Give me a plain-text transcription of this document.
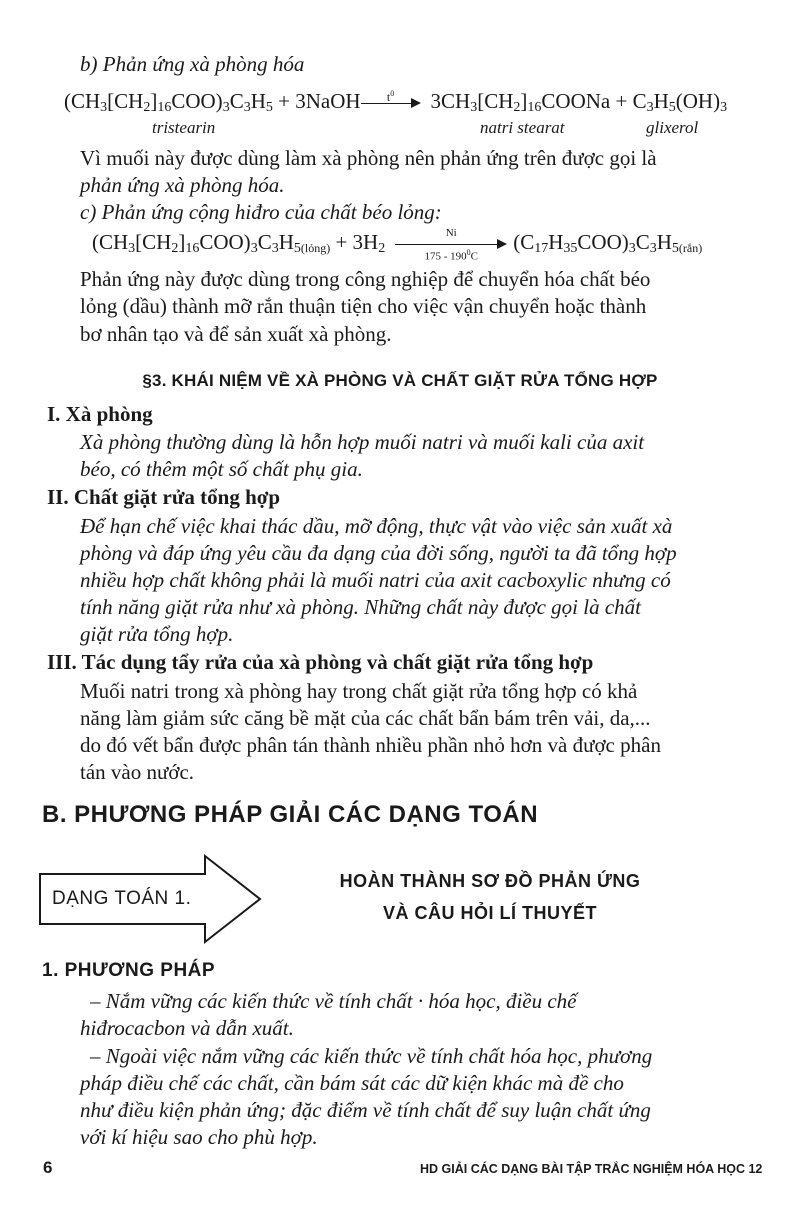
b) Phản ứng xà phòng hóa
$(CH_3[CH_2]_{16}COO)_3C_3H_5$ + 3NaOH	$t^0$	$3CH_3[CH_2]_{16}COONa + C_3H_5(OH)_3$
tristearin	natri stearat	glixerol
Vì muối này được dùng làm xà phòng nên phản ứng trên được gọi là
phản ứng xà phòng hóa.
c) Phản ứng cộng hiđro của chất béo lỏng:
$(CH_3[CH_2]_{16}COO)_3C_3H_5(lỏng) + 3H_2 \frac{Ni}{175 - 190^0C}$ $(C_{17}H_{35}COO)_3C_3H_5(rắn)$
Phản ứng này được dùng trong công nghiệp để chuyển hóa chất béo
lỏng (dầu) thành mỡ rắn thuận tiện cho việc vận chuyển hoặc thành
bơ nhân tạo và để sản xuất xà phòng.
§3. KHÁI NIỆM VỀ XÀ PHÒNG VÀ CHẤT GIẶT RỬA TỔNG HỢP
I. Xà phòng
Xà phòng thường dùng là hỗn hợp muối natri và muối kali của axit
béo, có thêm một số chất phụ gia.
II. Chất giặt rửa tổng hợp
Để hạn chế việc khai thác dầu, mỡ động, thực vật vào việc sản xuất xà
phòng và đáp ứng yêu cầu đa dạng của đời sống, người ta đã tổng hợp
nhiều hợp chất không phải là muối natri của axit cacboxylic nhưng có
tính năng giặt rửa như xà phòng. Những chất này được gọi là chất
giặt rửa tổng hợp.
III. Tác dụng tẩy rửa của xà phòng và chất giặt rửa tổng hợp
Muối natri trong xà phòng hay trong chất giặt rửa tổng hợp có khả
năng làm giảm sức căng bề mặt của các chất bẩn bám trên vải, da,...
do đó vết bẩn được phân tán thành nhiều phần nhỏ hơn và được phân
tán vào nước.
B. PHƯƠNG PHÁP GIẢI CÁC DẠNG TOÁN
DẠNG TOÁN 1.
HOÀN THÀNH SƠ ĐỒ PHẢN ỨNG
VÀ CÂU HỎI LÍ THUYẾT
1. PHƯƠNG PHÁP
– Nắm vững các kiến thức về tính chất · hóa học, điều chế
hiđrocacbon và dẫn xuất.
– Ngoài việc nắm vững các kiến thức về tính chất hóa học, phương
pháp điều chế các chất, cần bám sát các dữ kiện khác mà đề cho
như điều kiện phản ứng; đặc điểm về tính chất để suy luận chất ứng
với kí hiệu sao cho phù hợp.
6	HD GIẢI CÁC DẠNG BÀI TẬP TRẮC NGHIỆM HÓA HỌC 12
